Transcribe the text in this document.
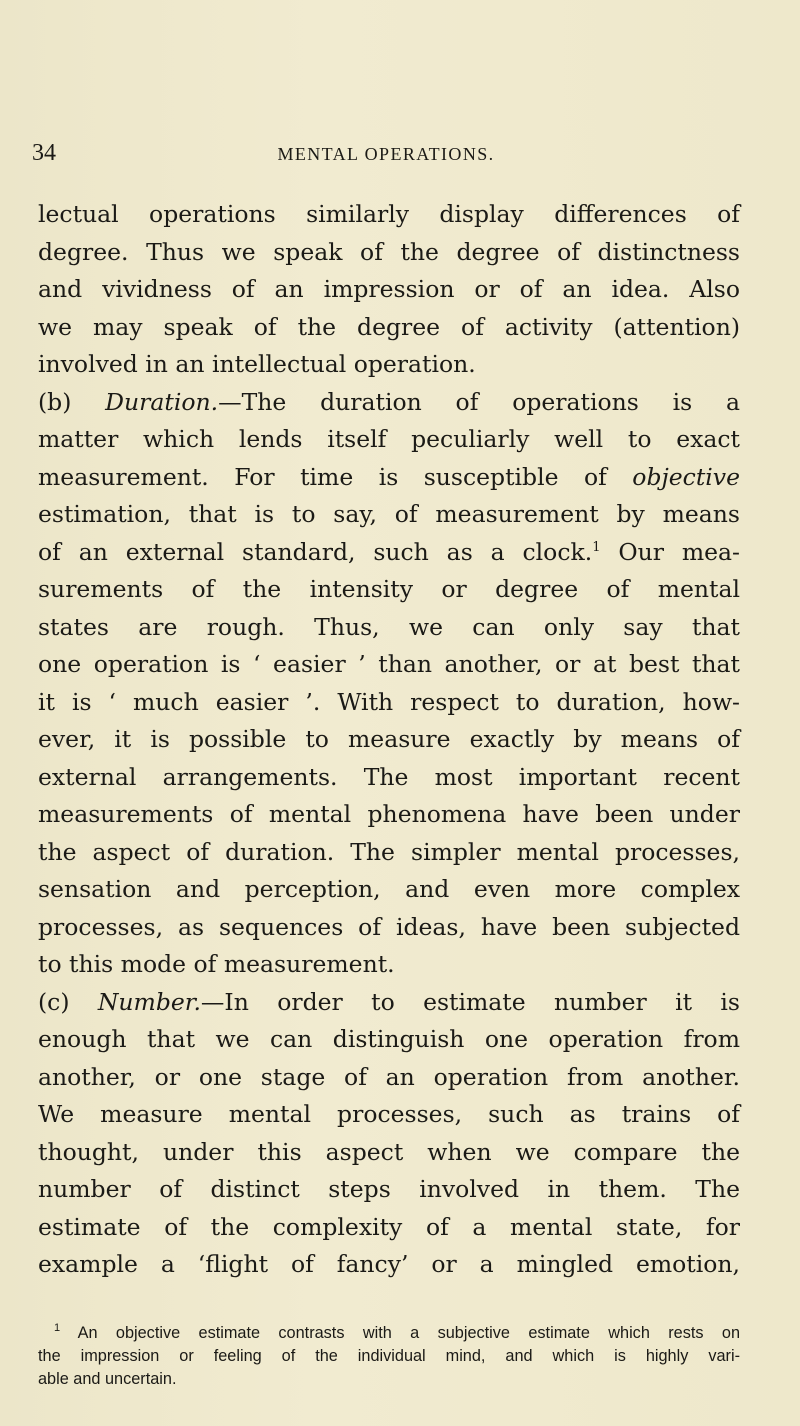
34	MENTAL OPERATIONS.
lectual operations similarly display differences of
degree. Thus we speak of the degree of distinctness
and vividness of an impression or of an idea. Also
we may speak of the degree of activity (attention)
involved in an intellectual operation.
(b) Duration.—The duration of operations is a
matter which lends itself peculiarly well to exact
measurement. For time is susceptible of objective
estimation, that is to say, of measurement by means
of an external standard, such as a clock.$^1$ Our mea-
surements of the intensity or degree of mental
states are rough. Thus, we can only say that
one operation is ‘ easier ’ than another, or at best that
it is ‘ much easier ’. With respect to duration, how-
ever, it is possible to measure exactly by means of
external arrangements. The most important recent
measurements of mental phenomena have been under
the aspect of duration. The simpler mental processes,
sensation and perception, and even more complex
processes, as sequences of ideas, have been subjected
to this mode of measurement.
(c) Number.—In order to estimate number it is
enough that we can distinguish one operation from
another, or one stage of an operation from another.
We measure mental processes, such as trains of
thought, under this aspect when we compare the
number of distinct steps involved in them. The
estimate of the complexity of a mental state, for
example a ‘flight of fancy’ or a mingled emotion,
$^1$ An objective estimate contrasts with a subjective estimate which rests on
the impression or feeling of the individual mind, and which is highly vari-
able and uncertain.
